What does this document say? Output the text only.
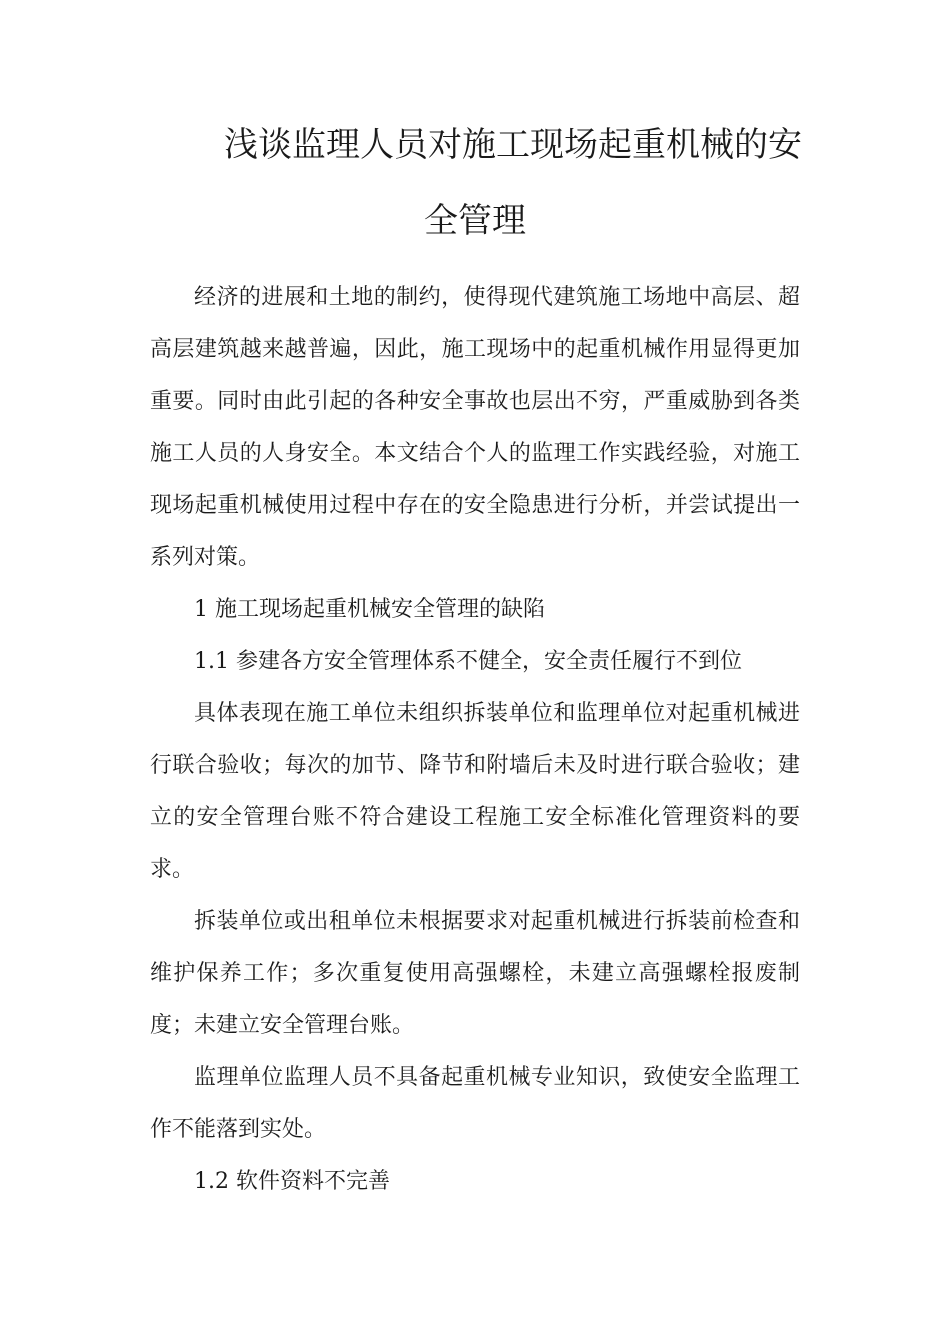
浅谈监理人员对施工现场起重机械的安
全管理

经济的进展和土地的制约，使得现代建筑施工场地中高层、超高层建筑越来越普遍，因此，施工现场中的起重机械作用显得更加重要。同时由此引起的各种安全事故也层出不穷，严重威胁到各类施工人员的人身安全。本文结合个人的监理工作实践经验，对施工现场起重机械使用过程中存在的安全隐患进行分析，并尝试提出一系列对策。

1 施工现场起重机械安全管理的缺陷

1.1 参建各方安全管理体系不健全，安全责任履行不到位

具体表现在施工单位未组织拆装单位和监理单位对起重机械进行联合验收；每次的加节、降节和附墙后未及时进行联合验收；建立的安全管理台账不符合建设工程施工安全标准化管理资料的要求。

拆装单位或出租单位未根据要求对起重机械进行拆装前检查和维护保养工作；多次重复使用高强螺栓，未建立高强螺栓报废制度；未建立安全管理台账。

监理单位监理人员不具备起重机械专业知识，致使安全监理工作不能落到实处。

1.2 软件资料不完善
